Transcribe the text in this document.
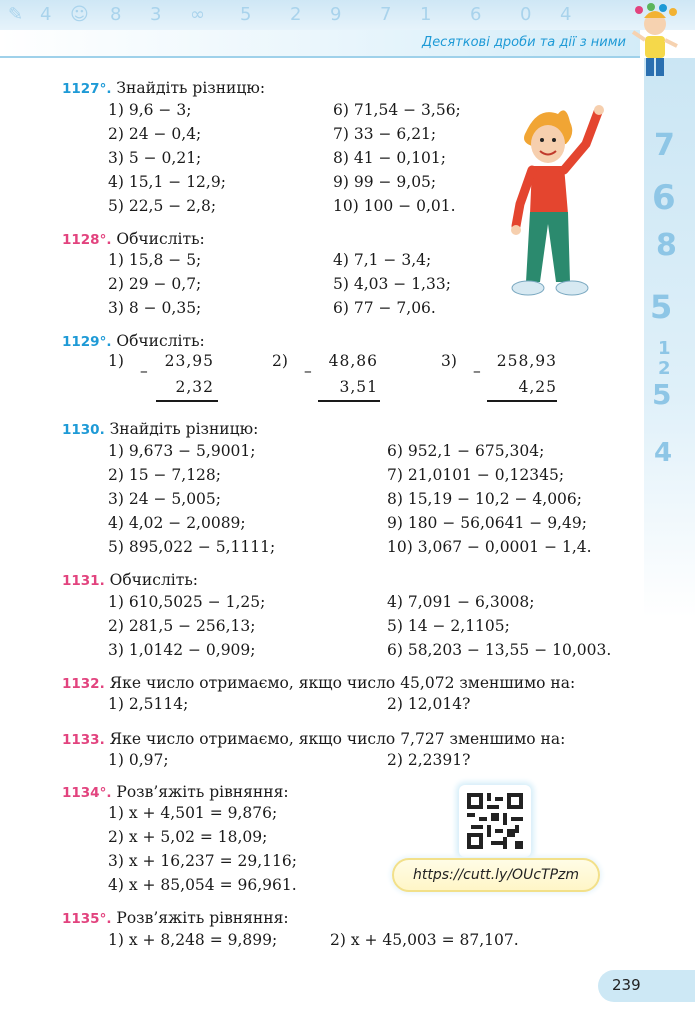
✎ 4 ☺ 8 3 ∞ 5 2 9 7 1 6 0 4
Десяткові дроби та дії з ними
7
6
8
5
1
2
5
4
1127°. Знайдіть різницю:
1) 9,6 − 3;
2) 24 − 0,4;
3) 5 − 0,21;
4) 15,1 − 12,9;
5) 22,5 − 2,8;
6) 71,54 − 3,56;
7) 33 − 6,21;
8) 41 − 0,101;
9) 99 − 9,05;
10) 100 − 0,01.
1128°. Обчисліть:
1) 15,8 − 5;
2) 29 − 0,7;
3) 8 − 0,35;
4) 7,1 − 3,4;
5) 4,03 − 1,33;
6) 77 − 7,06.
1129°. Обчисліть:
1)
–
23,95
2,32
2)
–
48,86
3,51
3)
–
258,93
4,25
1130. Знайдіть різницю:
1) 9,673 − 5,9001;
2) 15 − 7,128;
3) 24 − 5,005;
4) 4,02 − 2,0089;
5) 895,022 − 5,1111;
6) 952,1 − 675,304;
7) 21,0101 − 0,12345;
8) 15,19 − 10,2 − 4,006;
9) 180 − 56,0641 − 9,49;
10) 3,067 − 0,0001 − 1,4.
1131. Обчисліть:
1) 610,5025 − 1,25;
2) 281,5 − 256,13;
3) 1,0142 − 0,909;
4) 7,091 − 6,3008;
5) 14 − 2,1105;
6) 58,203 − 13,55 − 10,003.
1132. Яке число отримаємо, якщо число 45,072 зменшимо на:
1) 2,5114;	2) 12,014?
1133. Яке число отримаємо, якщо число 7,727 зменшимо на:
1) 0,97;	2) 2,2391?
1134°. Розв’яжіть рівняння:
1) x + 4,501 = 9,876;
2) x + 5,02 = 18,09;
3) x + 16,237 = 29,116;
4) x + 85,054 = 96,961.
1135°. Розв’яжіть рівняння:
1) x + 8,248 = 9,899;	2) x + 45,003 = 87,107.
https://cutt.ly/OUcTPzm
239
